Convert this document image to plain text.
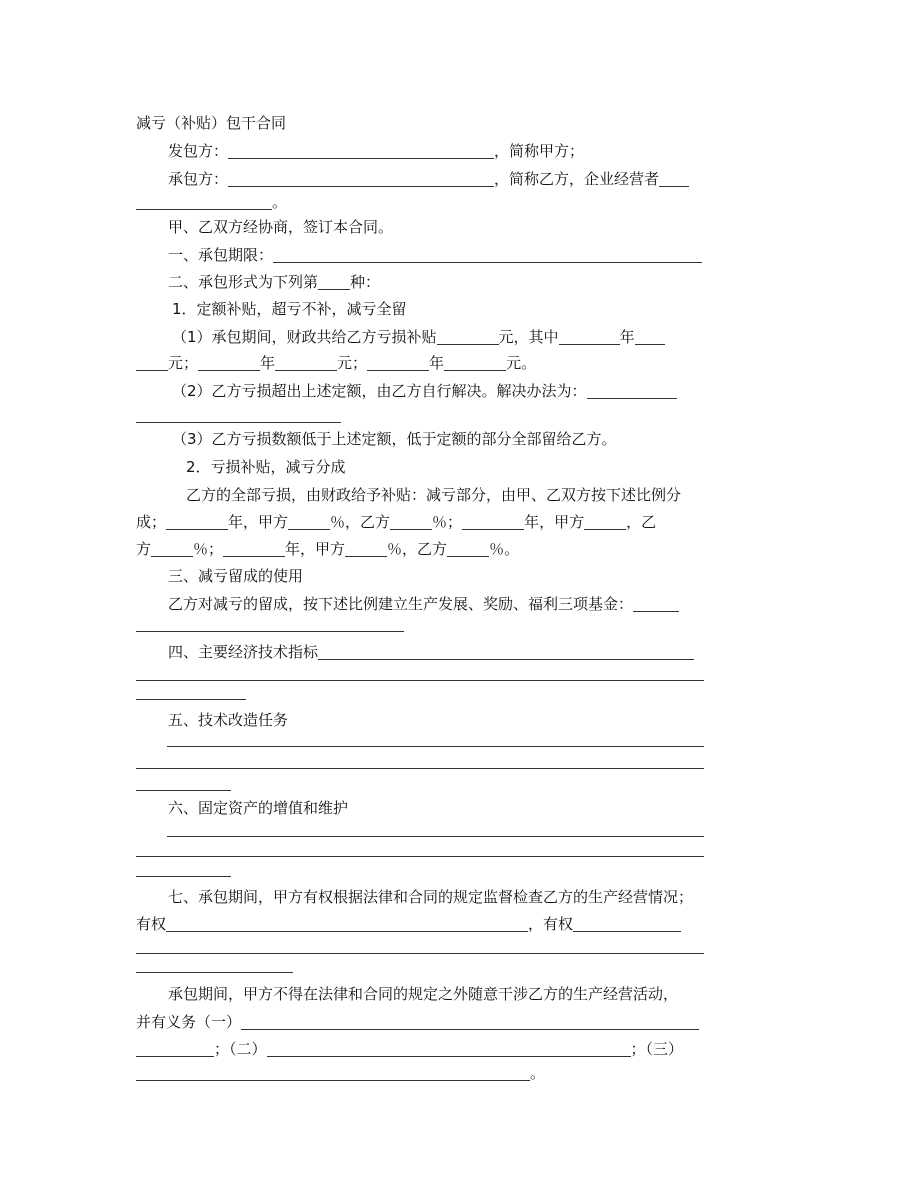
减亏（补贴）包干合同
发包方：	，简称甲方；
承包方：	，简称乙方，企业经营者
。
甲、乙双方经协商，签订本合同。
一、承包期限：
二、承包形式为下列第 种：
1．定额补贴，超亏不补，减亏全留
（1）承包期间，财政共给乙方亏损补贴	元，其中	年
元；	年	元；	年	元。
（2）乙方亏损超出上述定额，由乙方自行解决。解决办法为：
（3）乙方亏损数额低于上述定额，低于定额的部分全部留给乙方。
2．亏损补贴，减亏分成
乙方的全部亏损，由财政给予补贴：减亏部分，由甲、乙双方按下述比例分
成；	年，甲方	％，乙方	％；	年，甲方	，乙
方	％；	年，甲方	％，乙方	％。
三、减亏留成的使用
乙方对减亏的留成，按下述比例建立生产发展、奖励、福利三项基金：
四、主要经济技术指标
五、技术改造任务
六、固定资产的增值和维护
七、承包期间，甲方有权根据法律和合同的规定监督检查乙方的生产经营情况；
有权	，有权
承包期间，甲方不得在法律和合同的规定之外随意干涉乙方的生产经营活动，
并有义务（一）
；（二）	；（三）
。
